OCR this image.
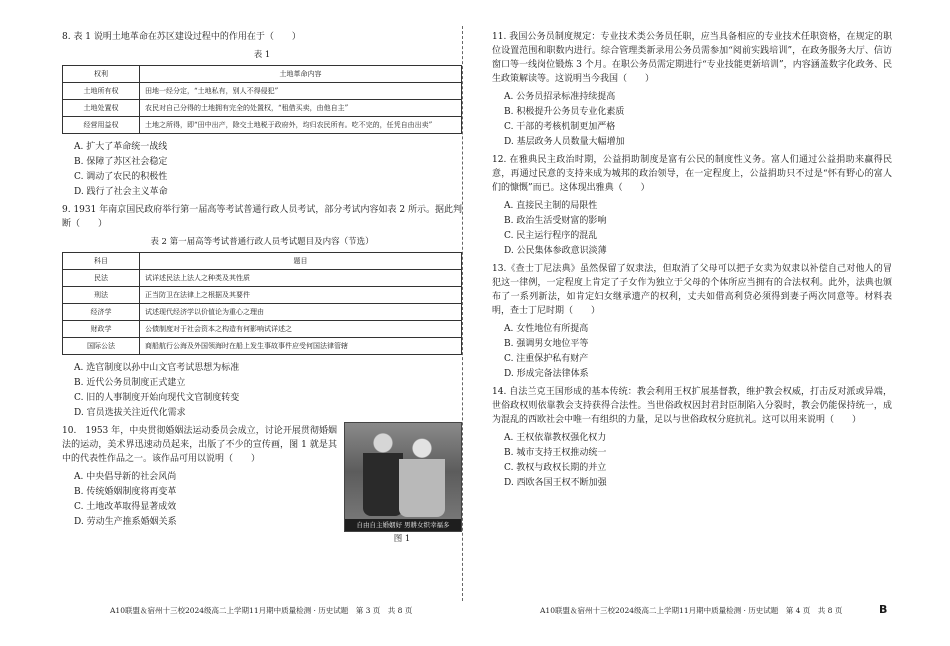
8. 表 1 说明土地革命在苏区建设过程中的作用在于（　　）

表 1
权利	土地革命内容
土地所有权	田地一经分定，“土地私有，别人不得侵犯”
土地处置权	农民对自己分得的土地拥有完全的处置权，“租借买卖，由他自主”
经营用益权	土地之所得，即“田中出产，除交土地税于政府外，均归农民所有。吃不完的，任凭自由出卖”
A. 扩大了革命统一战线
B. 保障了苏区社会稳定
C. 调动了农民的积极性
D. 践行了社会主义革命

9. 1931 年南京国民政府举行第一届高等考试普通行政人员考试，部分考试内容如表 2 所示。据此判断（　　）

表 2 第一届高等考试普通行政人员考试题目及内容（节选）
科目	题目
民法	试详述民法上法人之种类及其性质
刑法	正当防卫在法律上之根据及其要件
经济学	试述现代经济学以价值论为重心之理由
财政学	公债制度对于社会资本之构造有何影响试详述之
国际公法	商船航行公海及外国领海时在船上发生事故事件应受何国法律管辖
A. 选官制度以孙中山文官考试思想为标准
B. 近代公务员制度正式建立
C. 旧的人事制度开始向现代文官制度转变
D. 官员选拔关注近代化需求

10.　1953 年，中央贯彻婚姻法运动委员会成立，讨论开展贯彻婚姻法的运动，美术界迅速动员起来，出版了不少的宣传画，图 1 就是其中的代表性作品之一。该作品可用以说明（　　）

A. 中央倡导新的社会风尚
B. 传统婚姻制度将再变革
C. 土地改革取得显著成效
D. 劳动生产推系婚姻关系	自由自主婚姻好 男耕女织幸福多
图 1

11. 我国公务员制度规定：专业技术类公务员任职，应当具备相应的专业技术任职资格，在规定的职位设置范围和职数内进行。综合管理类新录用公务员需参加“阅前实践培训”，在政务服务大厅、信访窗口等一线岗位锻炼 3 个月。在职公务员需定期进行“专业技能更新培训”，内容涵盖数字化政务、民生政策解读等。这说明当今我国（　　）

A. 公务员招录标准持续提高
B. 积极提升公务员专业化素质
C. 干部的考核机制更加严格
D. 基层政务人员数量大幅增加

12. 在雅典民主政治时期，公益捐助制度是富有公民的制度性义务。富人们通过公益捐助来赢得民意，再通过民意的支持来成为城邦的政治领导，在一定程度上，公益捐助只不过是“怀有野心的富人们的慷慨”而已。这体现出雅典（　　）

A. 直接民主制的局限性
B. 政治生活受财富的影响
C. 民主运行程序的混乱
D. 公民集体参政意识淡薄

13.《查士丁尼法典》虽然保留了奴隶法，但取消了父母可以把子女卖为奴隶以补偿自己对他人的冒犯这一律例，一定程度上肯定了子女作为独立于父母的个体所应当拥有的合法权利。此外，法典也颁布了一系列新法，如肯定妇女继承遗产的权利，丈夫如借高利贷必须得到妻子两次同意等。材料表明，查士丁尼时期（　　）

A. 女性地位有所提高
B. 强调男女地位平等
C. 注重保护私有财产
D. 形成完备法律体系

14. 自法兰克王国形成的基本传统：教会利用王权扩展基督教，维护教会权威，打击反对派或异端，世俗政权则依靠教会支持获得合法性。当世俗政权因封君封臣制陷入分裂时，教会仍能保持统一，成为混乱的西欧社会中唯一有组织的力量，足以与世俗政权分庭抗礼。这可以用来说明（　　）

A. 王权依靠教权强化权力
B. 城市支持王权推动统一
C. 教权与政权长期的并立
D. 西欧各国王权不断加强
A10联盟＆宿州十三校2024级高二上学期11月期中质量检测 · 历史试题　第 3 页　共 8 页	A10联盟＆宿州十三校2024级高二上学期11月期中质量检测 · 历史试题　第 4 页　共 8 页	B
